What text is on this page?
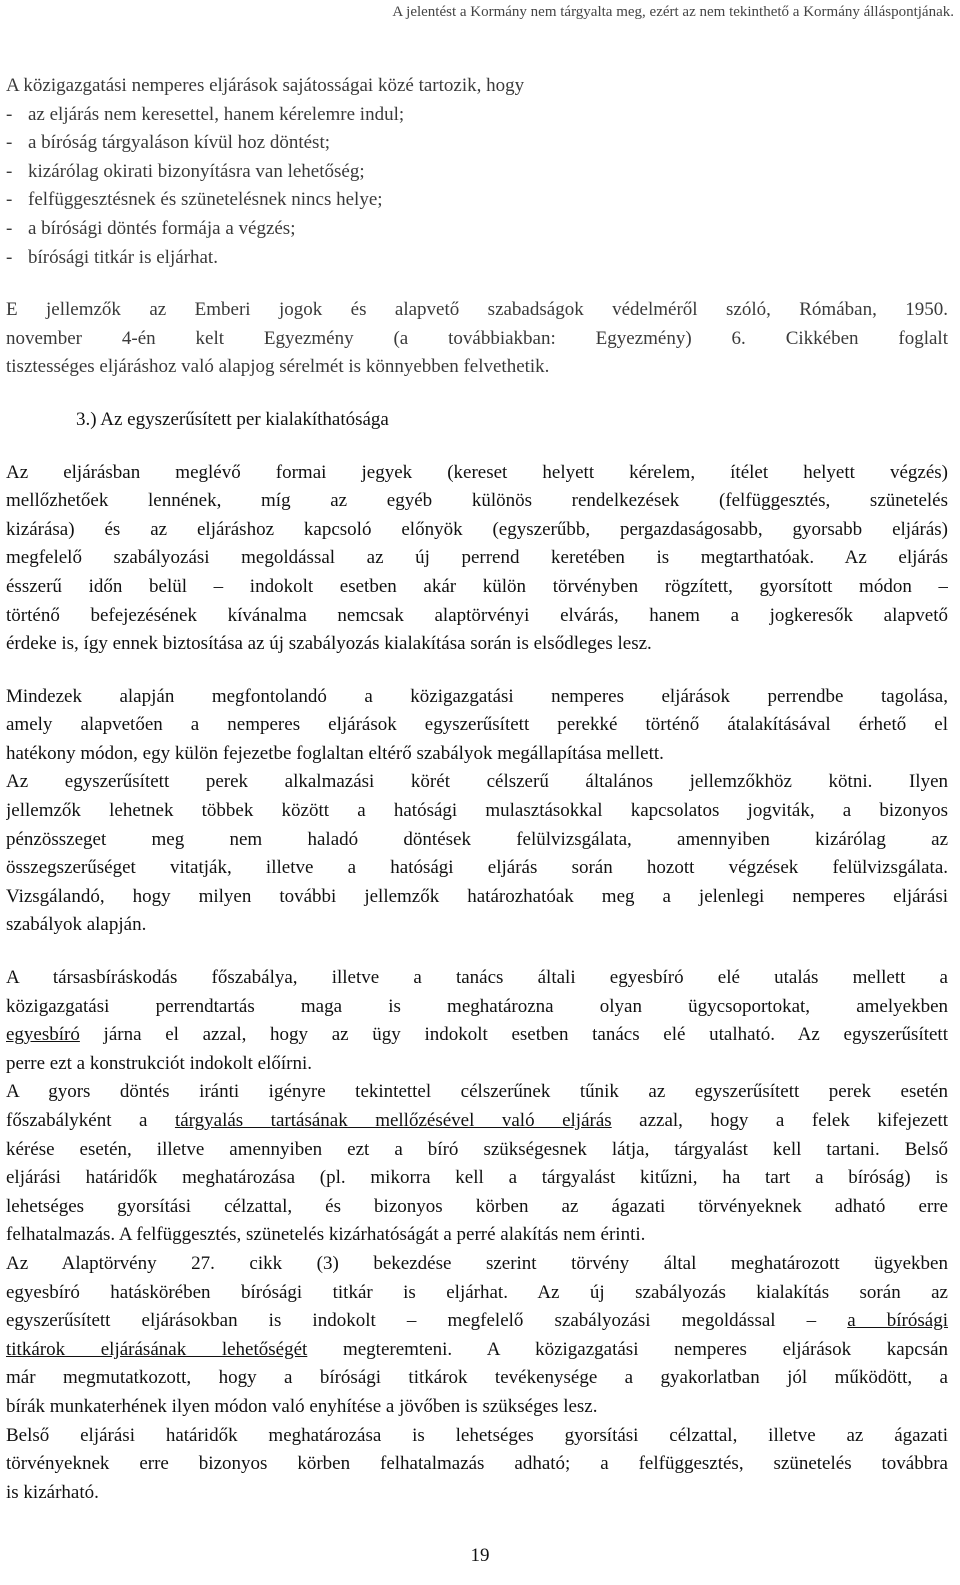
A jelentést a Kormány nem tárgyalta meg, ezért az nem tekinthető a Kormány álláspontjának.
A közigazgatási nemperes eljárások sajátosságai közé tartozik, hogy
- az eljárás nem keresettel, hanem kérelemre indul;
- a bíróság tárgyaláson kívül hoz döntést;
- kizárólag okirati bizonyításra van lehetőség;
- felfüggesztésnek és szünetelésnek nincs helye;
- a bírósági döntés formája a végzés;
- bírósági titkár is eljárhat.
E jellemzők az Emberi jogok és alapvető szabadságok védelméről szóló, Rómában, 1950.
november 4-én kelt Egyezmény (a továbbiakban: Egyezmény) 6. Cikkében foglalt
tisztességes eljáráshoz való alapjog sérelmét is könnyebben felvethetik.
3.) Az egyszerűsített per kialakíthatósága
Az eljárásban meglévő formai jegyek (kereset helyett kérelem, ítélet helyett végzés)
mellőzhetőek lennének, míg az egyéb különös rendelkezések (felfüggesztés, szünetelés
kizárása) és az eljáráshoz kapcsoló előnyök (egyszerűbb, pergazdaságosabb, gyorsabb eljárás)
megfelelő szabályozási megoldással az új perrend keretében is megtarthatóak. Az eljárás
ésszerű időn belül – indokolt esetben akár külön törvényben rögzített, gyorsított módon –
történő befejezésének kívánalma nemcsak alaptörvényi elvárás, hanem a jogkeresők alapvető
érdeke is, így ennek biztosítása az új szabályozás kialakítása során is elsődleges lesz.
Mindezek alapján megfontolandó a közigazgatási nemperes eljárások perrendbe tagolása,
amely alapvetően a nemperes eljárások egyszerűsített perekké történő átalakításával érhető el
hatékony módon, egy külön fejezetbe foglaltan eltérő szabályok megállapítása mellett.
Az egyszerűsített perek alkalmazási körét célszerű általános jellemzőkhöz kötni. Ilyen
jellemzők lehetnek többek között a hatósági mulasztásokkal kapcsolatos jogviták, a bizonyos
pénzösszeget meg nem haladó döntések felülvizsgálata, amennyiben kizárólag az
összegszerűséget vitatják, illetve a hatósági eljárás során hozott végzések felülvizsgálata.
Vizsgálandó, hogy milyen további jellemzők határozhatóak meg a jelenlegi nemperes eljárási
szabályok alapján.
A társasbíráskodás főszabálya, illetve a tanács általi egyesbíró elé utalás mellett a
közigazgatási perrendtartás maga is meghatározna olyan ügycsoportokat, amelyekben
egyesbíró járna el azzal, hogy az ügy indokolt esetben tanács elé utalható. Az egyszerűsített
perre ezt a konstrukciót indokolt előírni.
A gyors döntés iránti igényre tekintettel célszerűnek tűnik az egyszerűsített perek esetén
főszabályként a tárgyalás tartásának mellőzésével való eljárás azzal, hogy a felek kifejezett
kérése esetén, illetve amennyiben ezt a bíró szükségesnek látja, tárgyalást kell tartani. Belső
eljárási határidők meghatározása (pl. mikorra kell a tárgyalást kitűzni, ha tart a bíróság) is
lehetséges gyorsítási célzattal, és bizonyos körben az ágazati törvényeknek adható erre
felhatalmazás. A felfüggesztés, szünetelés kizárhatóságát a perré alakítás nem érinti.
Az Alaptörvény 27. cikk (3) bekezdése szerint törvény által meghatározott ügyekben
egyesbíró hatáskörében bírósági titkár is eljárhat. Az új szabályozás kialakítás során az
egyszerűsített eljárásokban is indokolt – megfelelő szabályozási megoldással – a bírósági
titkárok eljárásának lehetőségét megteremteni. A közigazgatási nemperes eljárások kapcsán
már megmutatkozott, hogy a bírósági titkárok tevékenysége a gyakorlatban jól működött, a
bírák munkaterhének ilyen módon való enyhítése a jövőben is szükséges lesz.
Belső eljárási határidők meghatározása is lehetséges gyorsítási célzattal, illetve az ágazati
törvényeknek erre bizonyos körben felhatalmazás adható; a felfüggesztés, szünetelés továbbra
is kizárható.
19
